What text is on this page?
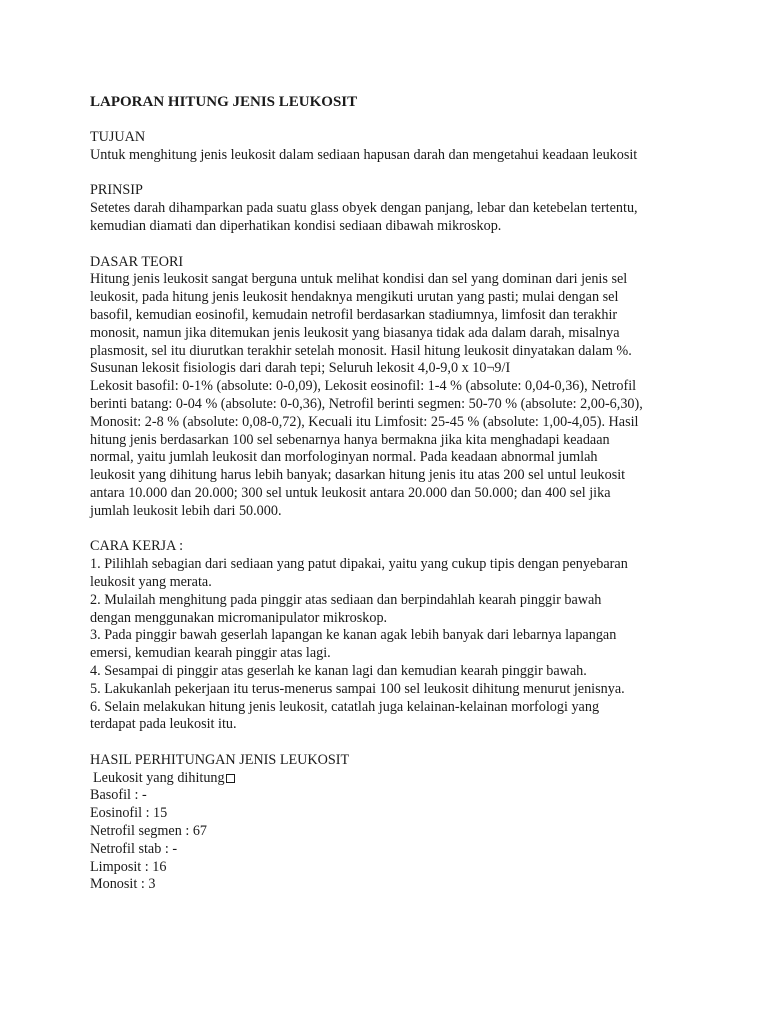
LAPORAN HITUNG JENIS LEUKOSIT
TUJUAN
Untuk menghitung jenis leukosit dalam sediaan hapusan darah dan mengetahui keadaan leukosit
PRINSIP
Setetes darah dihamparkan pada suatu glass obyek dengan panjang, lebar dan ketebelan tertentu,
kemudian diamati dan diperhatikan kondisi sediaan dibawah mikroskop.
DASAR TEORI
Hitung jenis leukosit sangat berguna untuk melihat kondisi dan sel yang dominan dari jenis sel
leukosit, pada hitung jenis leukosit hendaknya mengikuti urutan yang pasti; mulai dengan sel
basofil, kemudian eosinofil, kemudain netrofil berdasarkan stadiumnya, limfosit dan terakhir
monosit, namun jika ditemukan jenis leukosit yang biasanya tidak ada dalam darah, misalnya
plasmosit, sel itu diurutkan terakhir setelah monosit. Hasil hitung leukosit dinyatakan dalam %.
Susunan lekosit fisiologis dari darah tepi; Seluruh lekosit 4,0-9,0 x 10¬9/I
Lekosit basofil: 0-1% (absolute: 0-0,09), Lekosit eosinofil: 1-4 % (absolute: 0,04-0,36), Netrofil
berinti batang: 0-04 % (absolute: 0-0,36), Netrofil berinti segmen: 50-70 % (absolute: 2,00-6,30),
Monosit: 2-8 % (absolute: 0,08-0,72), Kecuali itu Limfosit: 25-45 % (absolute: 1,00-4,05). Hasil
hitung jenis berdasarkan 100 sel sebenarnya hanya bermakna jika kita menghadapi keadaan
normal, yaitu jumlah leukosit dan morfologinyan normal. Pada keadaan abnormal jumlah
leukosit yang dihitung harus lebih banyak; dasarkan hitung jenis itu atas 200 sel untul leukosit
antara 10.000 dan 20.000; 300 sel untuk leukosit antara 20.000 dan 50.000; dan 400 sel jika
jumlah leukosit lebih dari 50.000.
CARA KERJA :
1. Pilihlah sebagian dari sediaan yang patut dipakai, yaitu yang cukup tipis dengan penyebaran
leukosit yang merata.
2. Mulailah menghitung pada pinggir atas sediaan dan berpindahlah kearah pinggir bawah
dengan menggunakan micromanipulator mikroskop.
3. Pada pinggir bawah geserlah lapangan ke kanan agak lebih banyak dari lebarnya lapangan
emersi, kemudian kearah pinggir atas lagi.
4. Sesampai di pinggir atas geserlah ke kanan lagi dan kemudian kearah pinggir bawah.
5. Lakukanlah pekerjaan itu terus-menerus sampai 100 sel leukosit dihitung menurut jenisnya.
6. Selain melakukan hitung jenis leukosit, catatlah juga kelainan-kelainan morfologi yang
terdapat pada leukosit itu.
HASIL PERHITUNGAN JENIS LEUKOSIT
Leukosit yang dihitung
Basofil : -
Eosinofil : 15
Netrofil segmen : 67
Netrofil stab : -
Limposit : 16
Monosit : 3
